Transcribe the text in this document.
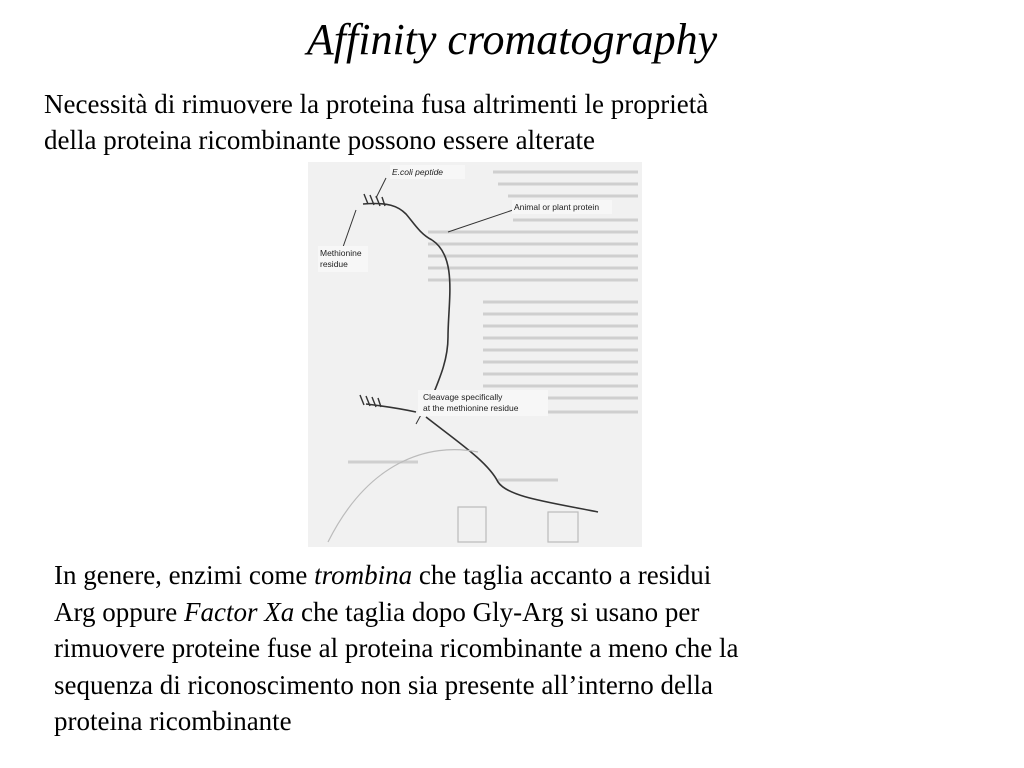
Affinity cromatography
Necessità di rimuovere la proteina fusa altrimenti le proprietà
della proteina ricombinante possono essere alterate
E.coli peptide
Animal or plant protein
Methionine
residue
Cleavage specifically
at the methionine residue
In genere, enzimi come trombina che taglia accanto a residui
Arg oppure Factor Xa che taglia dopo Gly-Arg si usano per
rimuovere proteine fuse al proteina ricombinante a meno che la
sequenza di riconoscimento non sia presente all’interno della
proteina ricombinante
